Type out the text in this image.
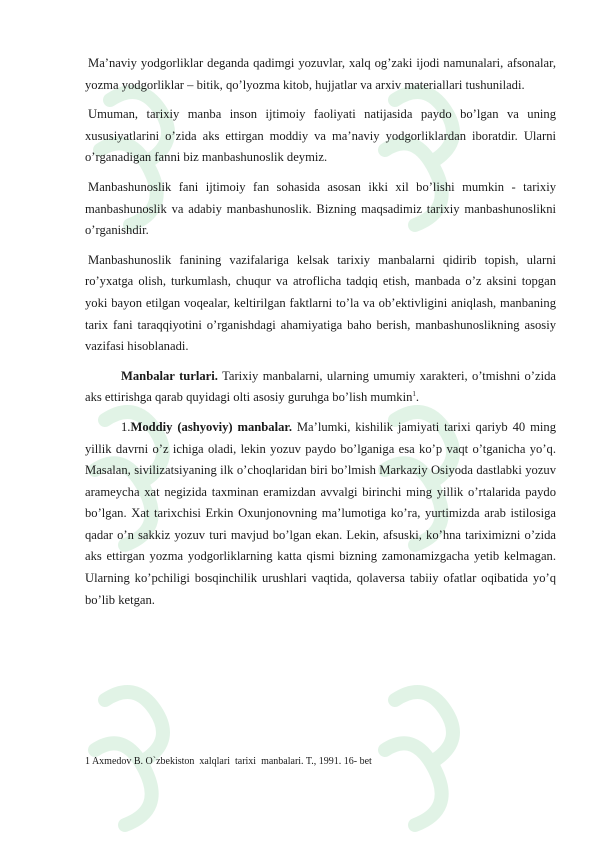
Ma’naviy yodgorliklar deganda qadimgi yozuvlar, xalq og’zaki ijodi namunalari, afsonalar, yozma yodgorliklar – bitik, qo’lyozma kitob, hujjatlar va arxiv materiallari tushuniladi.

Umuman, tarixiy manba inson ijtimoiy faoliyati natijasida paydo bo’lgan va uning xususiyatlarini o’zida aks ettirgan moddiy va ma’naviy yodgorliklardan iboratdir. Ularni o’rganadigan fanni biz manbashunoslik deymiz.

Manbashunoslik fani ijtimoiy fan sohasida asosan ikki xil bo’lishi mumkin - tarixiy manbashunoslik va adabiy manbashunoslik. Bizning maqsadimiz tarixiy manbashunoslikni o’rganishdir.

Manbashunoslik fanining vazifalariga kelsak tarixiy manbalarni qidirib topish, ularni ro’yxatga olish, turkumlash, chuqur va atroflicha tadqiq etish, manbada o’z aksini topgan yoki bayon etilgan voqealar, keltirilgan faktlarni to’la va ob’ektivligini aniqlash, manbaning tarix fani taraqqiyotini o’rganishdagi ahamiyatiga baho berish, manbashunoslikning asosiy vazifasi hisoblanadi.

Manbalar turlari. Tarixiy manbalarni, ularning umumiy xarakteri, o’tmishni o’zida aks ettirishga qarab quyidagi olti asosiy guruhga bo’lish mumkin$^1$.

1.Moddiy (ashyoviy) manbalar. Ma’lumki, kishilik jamiyati tarixi qariyb 40 ming yillik davrni o’z ichiga oladi, lekin yozuv paydo bo’lganiga esa ko’p vaqt o’tganicha yo’q. Masalan, sivilizatsiyaning ilk o’choqlaridan biri bo’lmish Markaziy Osiyoda dastlabki yozuv arameycha xat negizida taxminan eramizdan avvalgi birinchi ming yillik o’rtalarida paydo bo’lgan. Xat tarixchisi Erkin Oxunjonovning ma’lumotiga ko’ra, yurtimizda arab istilosiga qadar o’n sakkiz yozuv turi mavjud bo’lgan ekan. Lekin, afsuski, ko’hna tariximizni o’zida aks ettirgan yozma yodgorliklarning katta qismi bizning zamonamizgacha yetib kelmagan. Ularning ko’pchiligi bosqinchilik urushlari vaqtida, qolaversa tabiiy ofatlar oqibatida yo’q bo’lib ketgan.

1 Axmedov B. O`zbekiston  xalqlari  tarixi  manbalari. T., 1991. 16- bet
